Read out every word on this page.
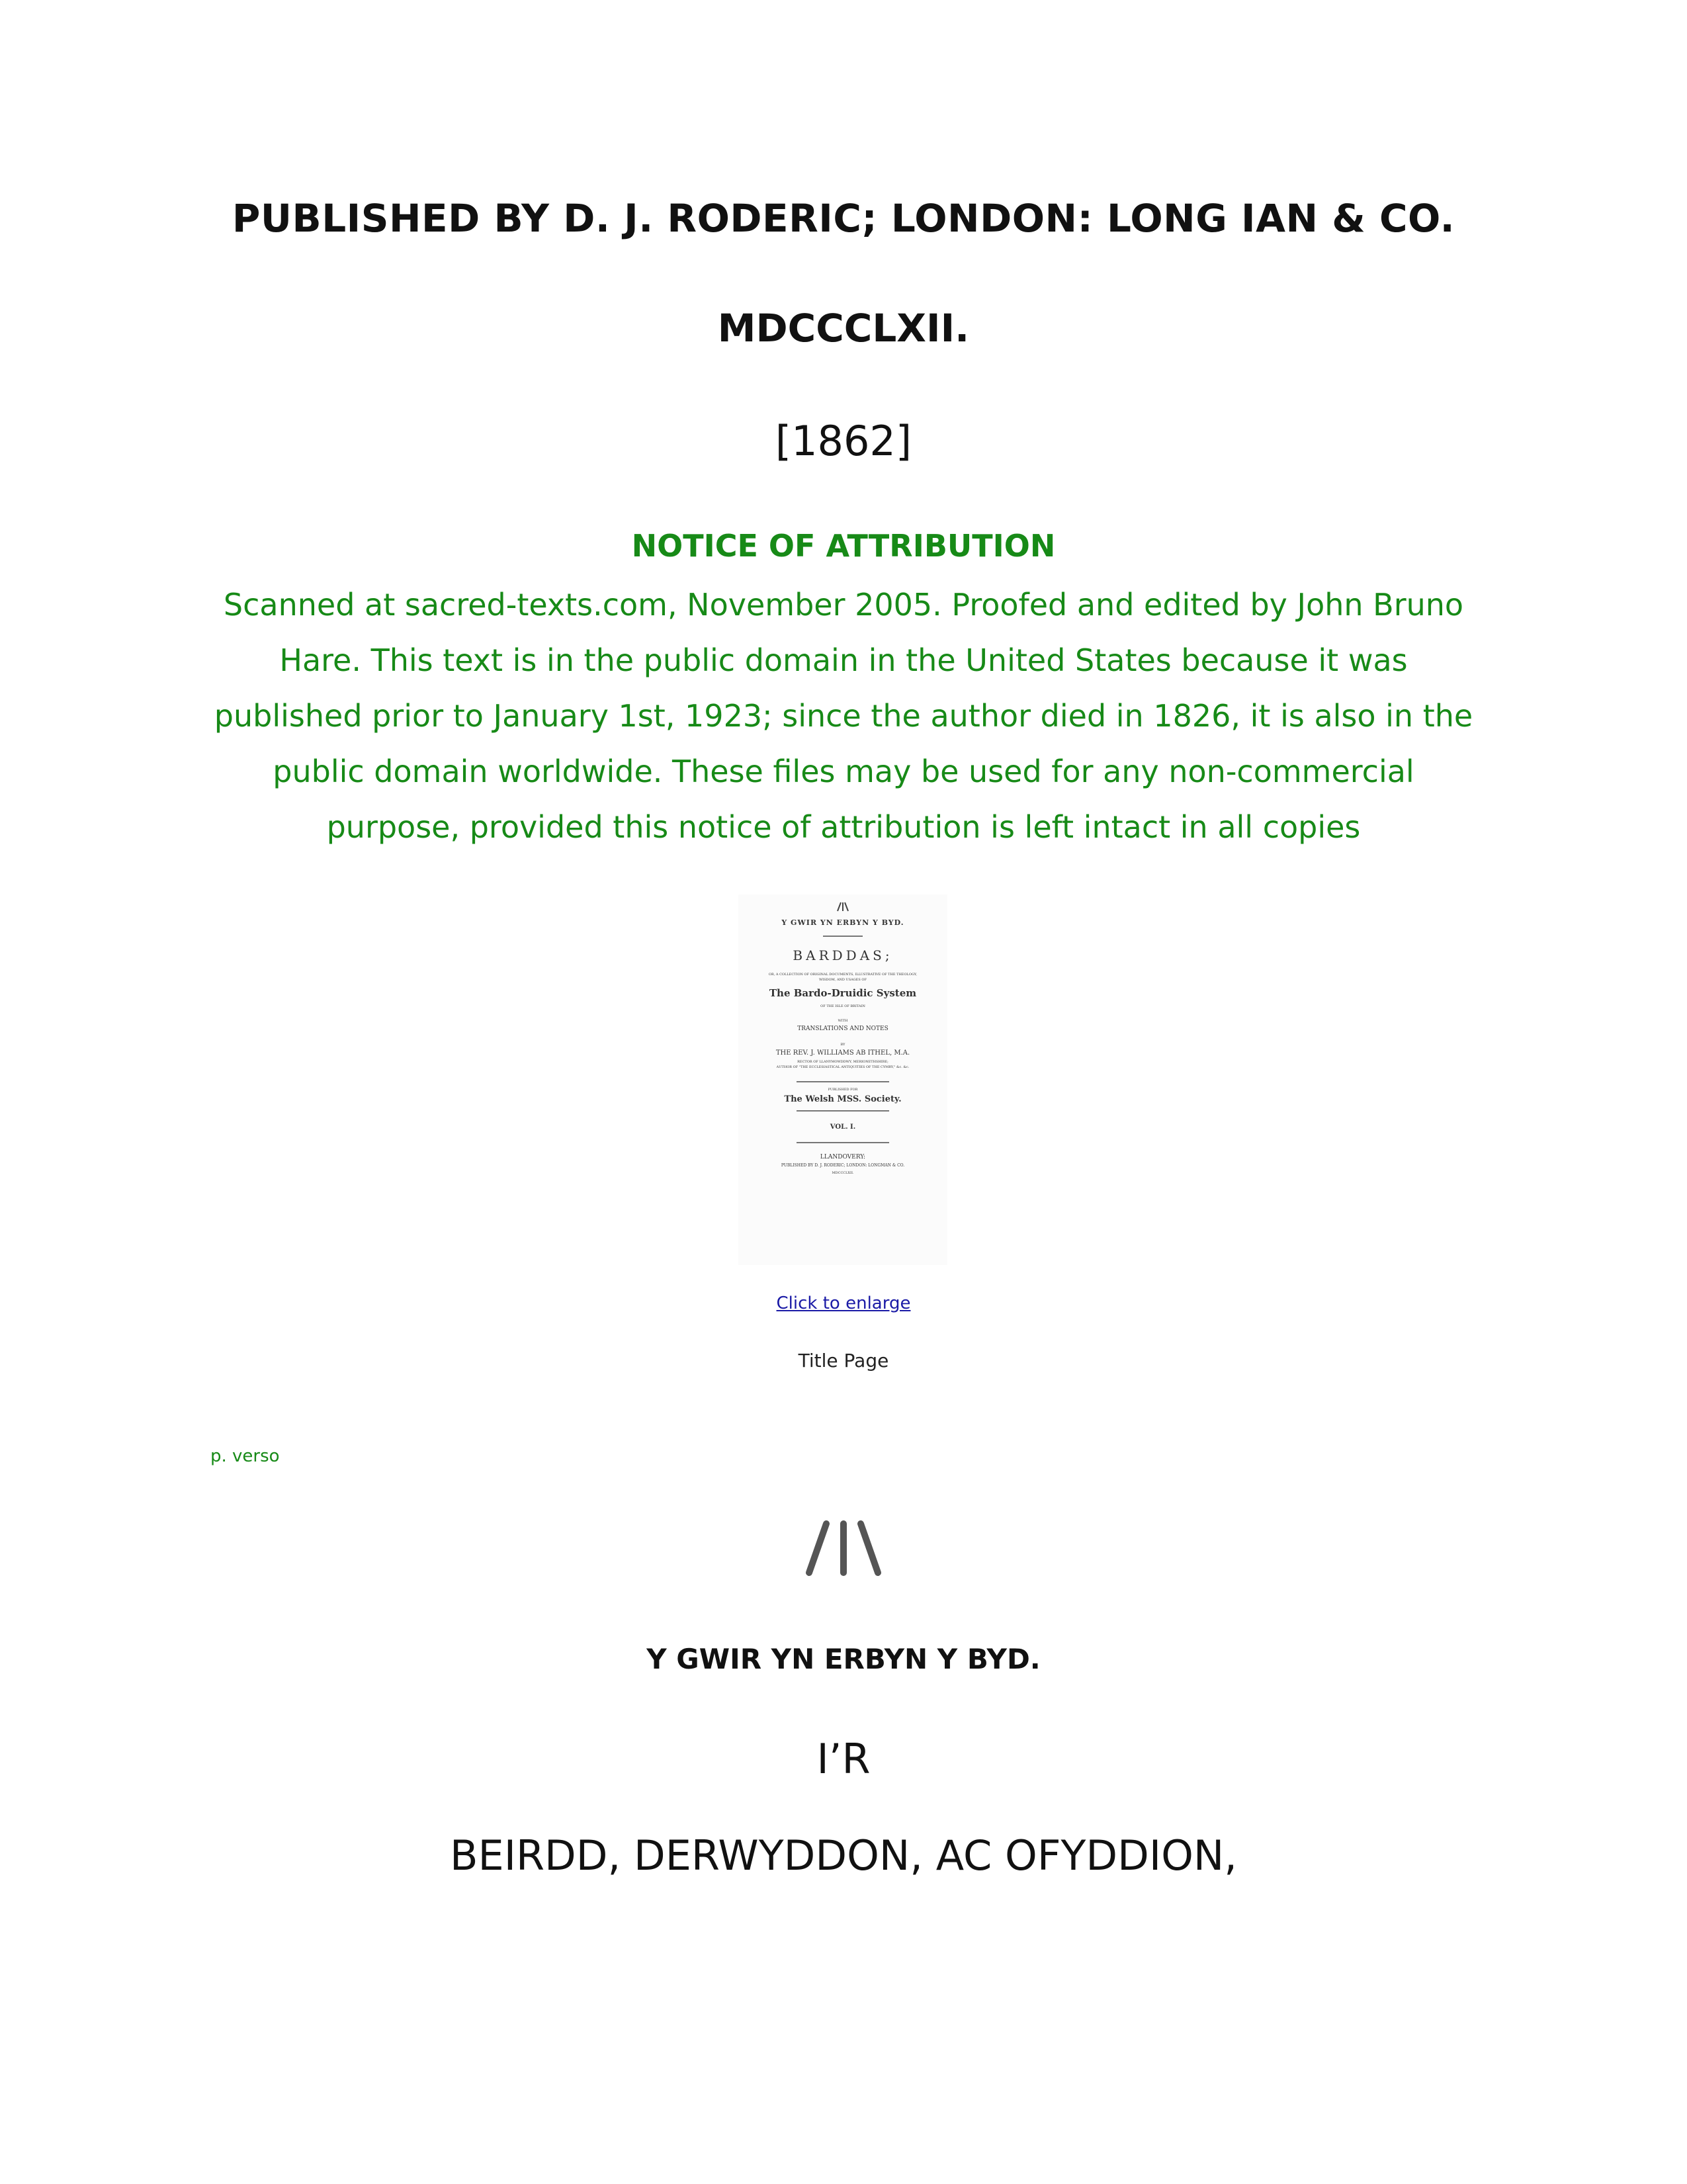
PUBLISHED BY D. J. RODERIC; LONDON: LONG IAN & CO.
MDCCCLXII.
[1862]
NOTICE OF ATTRIBUTION
Scanned at sacred-texts.com, November 2005. Proofed and edited by John Bruno Hare. This text is in the public domain in the United States because it was published prior to January 1st, 1923; since the author died in 1826, it is also in the public domain worldwide. These files may be used for any non-commercial purpose, provided this notice of attribution is left intact in all copies
Y GWIR YN ERBYN Y BYD.
BARDDAS;
OR, A COLLECTION OF ORIGINAL DOCUMENTS, ILLUSTRATIVE OF THE THEOLOGY,
WISDOM, AND USAGES OF
The Bardo-Druidic System
OF THE ISLE OF BRITAIN
WITH
TRANSLATIONS AND NOTES
BY
THE REV. J. WILLIAMS AB ITHEL, M.A.
RECTOR OF LLANYMOWDDWY, MERIONETHSHIRE;
AUTHOR OF "THE ECCLESIASTICAL ANTIQUITIES OF THE CYMRY," &c. &c.
PUBLISHED FOR
The Welsh MSS. Society.
VOL. I.
LLANDOVERY:
PUBLISHED BY D. J. RODERIC; LONDON: LONGMAN & CO.
MDCCCLXII.
Click to enlarge
Title Page
p. verso
Y GWIR YN ERBYN Y BYD.
I’R
BEIRDD, DERWYDDON, AC OFYDDION,
